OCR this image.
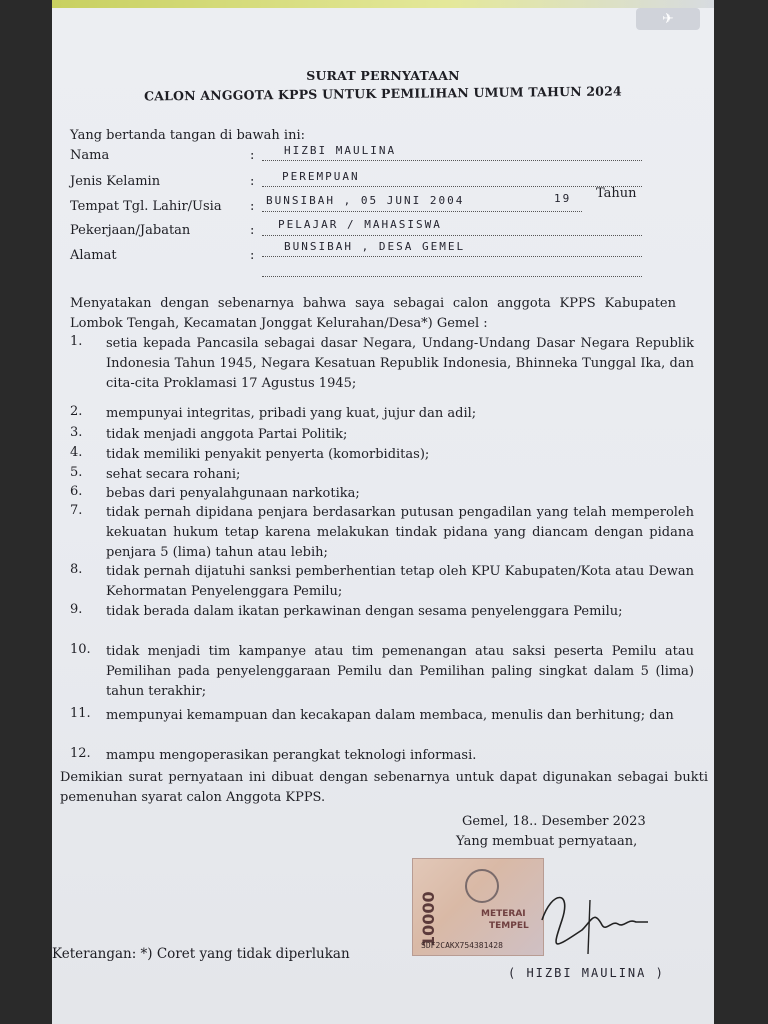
✈
SURAT PERNYATAAN
CALON ANGGOTA KPPS UNTUK PEMILIHAN UMUM TAHUN 2024
Yang bertanda tangan di bawah ini:
Nama	:	HIZBI MAULINA
Jenis Kelamin	:	PEREMPUAN
Tempat Tgl. Lahir/Usia : BUNSIBAH , 05 JUNI 2004	19 Tahun
Pekerjaan/Jabatan	: PELAJAR / MAHASISWA
Alamat	:
BUNSIBAH , DESA GEMEL
Menyatakan dengan sebenarnya bahwa saya sebagai calon anggota KPPS Kabupaten Lombok Tengah, Kecamatan Jonggat Kelurahan/Desa*) Gemel :
1. setia kepada Pancasila sebagai dasar Negara, Undang-Undang Dasar Negara Republik Indonesia Tahun 1945, Negara Kesatuan Republik Indonesia, Bhinneka Tunggal Ika, dan cita-cita Proklamasi 17 Agustus 1945;
2. mempunyai integritas, pribadi yang kuat, jujur dan adil;
3. tidak menjadi anggota Partai Politik;
4. tidak memiliki penyakit penyerta (komorbiditas);
5. sehat secara rohani;
6. bebas dari penyalahgunaan narkotika;
7. tidak pernah dipidana penjara berdasarkan putusan pengadilan yang telah memperoleh kekuatan hukum tetap karena melakukan tindak pidana yang diancam dengan pidana penjara 5 (lima) tahun atau lebih;
8. tidak pernah dijatuhi sanksi pemberhentian tetap oleh KPU Kabupaten/Kota atau Dewan Kehormatan Penyelenggara Pemilu;
9. tidak berada dalam ikatan perkawinan dengan sesama penyelenggara Pemilu;
10. tidak menjadi tim kampanye atau tim pemenangan atau saksi peserta Pemilu atau Pemilihan pada penyelenggaraan Pemilu dan Pemilihan paling singkat dalam 5 (lima) tahun terakhir;
11. mempunyai kemampuan dan kecakapan dalam membaca, menulis dan berhitung; dan
12. mampu mengoperasikan perangkat teknologi informasi.
Demikian surat pernyataan ini dibuat dengan sebenarnya untuk dapat digunakan sebagai bukti pemenuhan syarat calon Anggota KPPS.
Gemel, 18.. Desember 2023
Yang membuat pernyataan,
10000	METERAI
TEMPEL
SDF2CAKX754381428
Keterangan: *) Coret yang tidak diperlukan
( HIZBI MAULINA )
